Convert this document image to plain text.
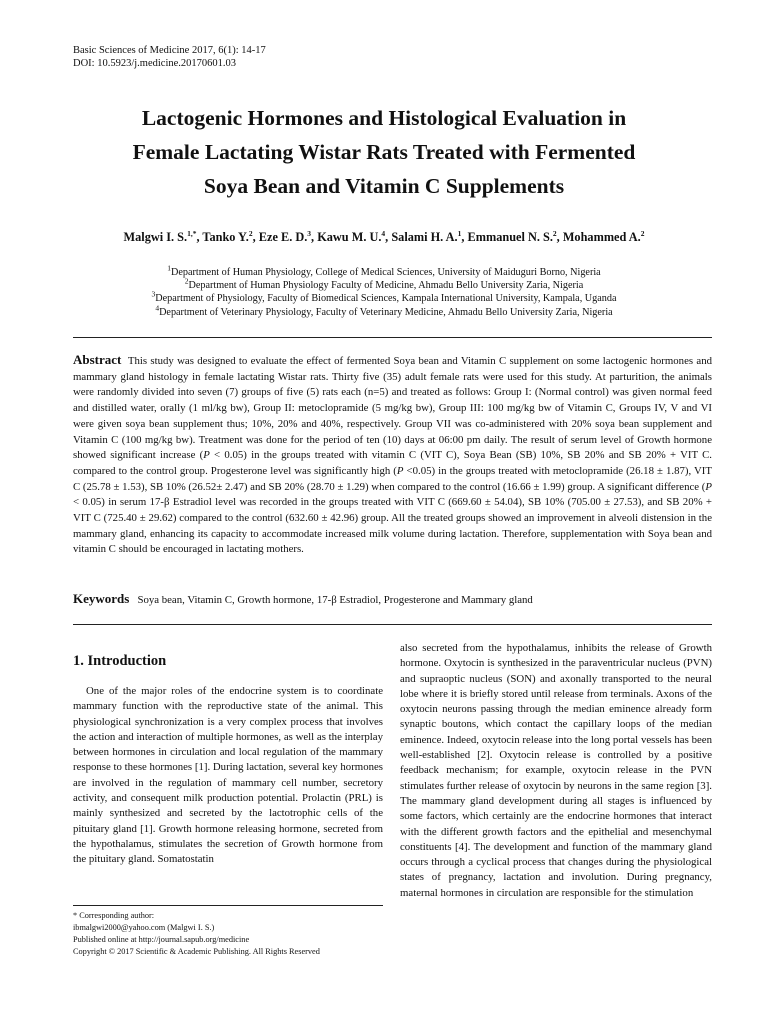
Basic Sciences of Medicine 2017, 6(1): 14-17
DOI: 10.5923/j.medicine.20170601.03
Lactogenic Hormones and Histological Evaluation in
Female Lactating Wistar Rats Treated with Fermented
Soya Bean and Vitamin C Supplements
Malgwi I. S.$^{1,*}$, Tanko Y.$^2$, Eze E. D.$^3$, Kawu M. U.$^4$, Salami H. A.$^1$, Emmanuel N. S.$^2$, Mohammed A.$^2$
$^1$Department of Human Physiology, College of Medical Sciences, University of Maiduguri Borno, Nigeria
$^2$Department of Human Physiology Faculty of Medicine, Ahmadu Bello University Zaria, Nigeria
$^3$Department of Physiology, Faculty of Biomedical Sciences, Kampala International University, Kampala, Uganda
$^4$Department of Veterinary Physiology, Faculty of Veterinary Medicine, Ahmadu Bello University Zaria, Nigeria
Abstract This study was designed to evaluate the effect of fermented Soya bean and Vitamin C supplement on some lactogenic hormones and mammary gland histology in female lactating Wistar rats. Thirty five (35) adult female rats were used for this study. At parturition, the animals were randomly divided into seven (7) groups of five (5) rats each (n=5) and treated as follows: Group I: (Normal control) was given normal feed and distilled water, orally (1 ml/kg bw), Group II: metoclopramide (5 mg/kg bw), Group III: 100 mg/kg bw of Vitamin C, Groups IV, V and VI were given soya bean supplement thus; 10%, 20% and 40%, respectively. Group VII was co-administered with 20% soya bean supplement and Vitamin C (100 mg/kg bw). Treatment was done for the period of ten (10) days at 06:00 pm daily. The result of serum level of Growth hormone showed significant increase (P < 0.05) in the groups treated with vitamin C (VIT C), Soya Bean (SB) 10%, SB 20% and SB 20% + VIT C. compared to the control group. Progesterone level was significantly high (P <0.05) in the groups treated with metoclopramide (26.18 ± 1.87), VIT C (25.78 ± 1.53), SB 10% (26.52± 2.47) and SB 20% (28.70 ± 1.29) when compared to the control (16.66 ± 1.99) group. A significant difference (P < 0.05) in serum 17-β Estradiol level was recorded in the groups treated with VIT C (669.60 ± 54.04), SB 10% (705.00 ± 27.53), and SB 20% + VIT C (725.40 ± 29.62) compared to the control (632.60 ± 42.96) group. All the treated groups showed an improvement in alveoli distension in the mammary gland, enhancing its capacity to accommodate increased milk volume during lactation. Therefore, supplementation with Soya bean and vitamin C should be encouraged in lactating mothers.
Keywords Soya bean, Vitamin C, Growth hormone, 17-β Estradiol, Progesterone and Mammary gland
1. Introduction
One of the major roles of the endocrine system is to coordinate mammary function with the reproductive state of the animal. This physiological synchronization is a very complex process that involves the action and interaction of multiple hormones, as well as the interplay between hormones in circulation and local regulation of the mammary response to these hormones [1]. During lactation, several key hormones are involved in the regulation of mammary cell number, secretory activity, and consequent milk production potential. Prolactin (PRL) is mainly synthesized and secreted by the lactotrophic cells of the pituitary gland [1]. Growth hormone releasing hormone, secreted from the hypothalamus, stimulates the secretion of Growth hormone from the pituitary gland. Somatostatin
* Corresponding author:
ibmalgwi2000@yahoo.com (Malgwi I. S.)
Published online at http://journal.sapub.org/medicine
Copyright © 2017 Scientific & Academic Publishing. All Rights Reserved
also secreted from the hypothalamus, inhibits the release of Growth hormone. Oxytocin is synthesized in the paraventricular nucleus (PVN) and supraoptic nucleus (SON) and axonally transported to the neural lobe where it is briefly stored until release from terminals. Axons of the oxytocin neurons passing through the median eminence already form synaptic boutons, which contact the capillary loops of the median eminence. Indeed, oxytocin release into the long portal vessels has been well-established [2]. Oxytocin release is controlled by a positive feedback mechanism; for example, oxytocin release in the PVN stimulates further release of oxytocin by neurons in the same region [3]. The mammary gland development during all stages is influenced by some factors, which certainly are the endocrine hormones that interact with the different growth factors and the epithelial and mesenchymal constituents [4]. The development and function of the mammary gland occurs through a cyclical process that changes during the physiological states of pregnancy, lactation and involution. During pregnancy, maternal hormones in circulation are responsible for the stimulation
